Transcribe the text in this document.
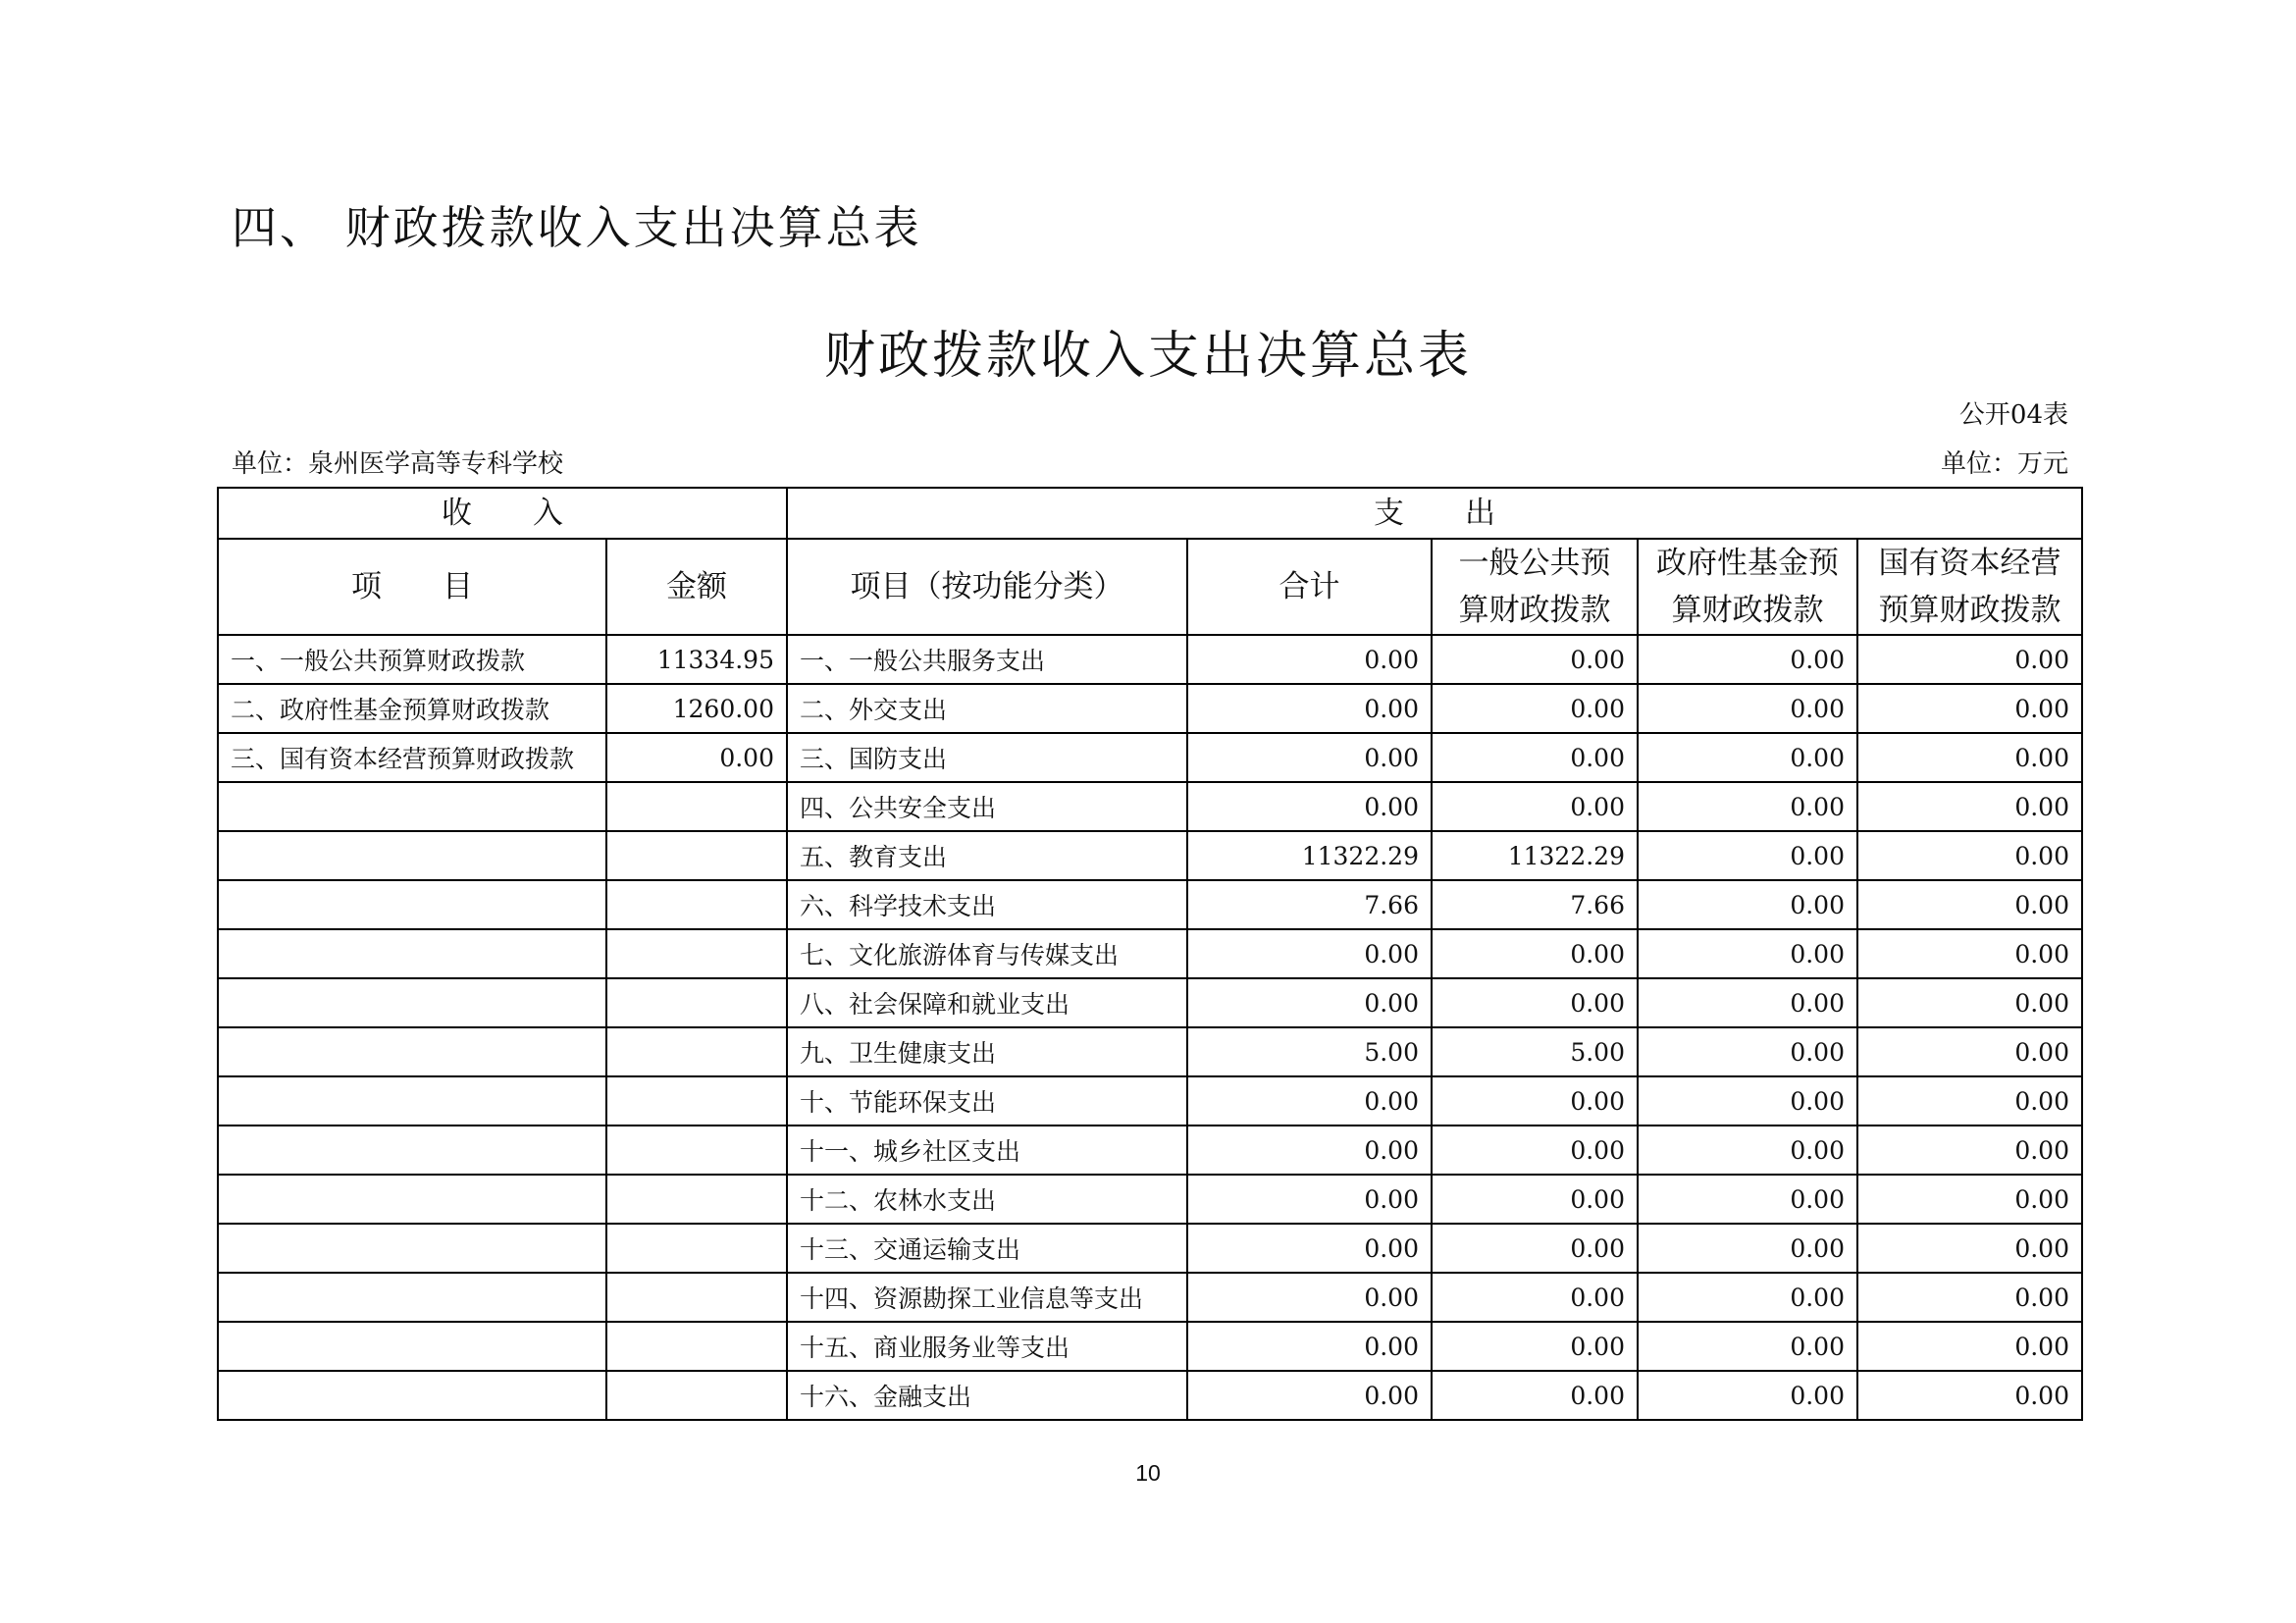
四、 财政拨款收入支出决算总表
财政拨款收入支出决算总表
公开04表
单位：泉州医学高等专科学校	单位：万元
收　　入		支　　出				
项　　目	金额	项目（按功能分类）	合计	一般公共预算财政拨款	政府性基金预算财政拨款	国有资本经营预算财政拨款
一、一般公共预算财政拨款	11334.95	一、一般公共服务支出	0.00	0.00	0.00	0.00
二、政府性基金预算财政拨款	1260.00	二、外交支出	0.00	0.00	0.00	0.00
三、国有资本经营预算财政拨款	0.00	三、国防支出	0.00	0.00	0.00	0.00
		四、公共安全支出	0.00	0.00	0.00	0.00
		五、教育支出	11322.29	11322.29	0.00	0.00
		六、科学技术支出	7.66	7.66	0.00	0.00
		七、文化旅游体育与传媒支出	0.00	0.00	0.00	0.00
		八、社会保障和就业支出	0.00	0.00	0.00	0.00
		九、卫生健康支出	5.00	5.00	0.00	0.00
		十、节能环保支出	0.00	0.00	0.00	0.00
		十一、城乡社区支出	0.00	0.00	0.00	0.00
		十二、农林水支出	0.00	0.00	0.00	0.00
		十三、交通运输支出	0.00	0.00	0.00	0.00
		十四、资源勘探工业信息等支出	0.00	0.00	0.00	0.00
		十五、商业服务业等支出	0.00	0.00	0.00	0.00
		十六、金融支出	0.00	0.00	0.00	0.00
10
